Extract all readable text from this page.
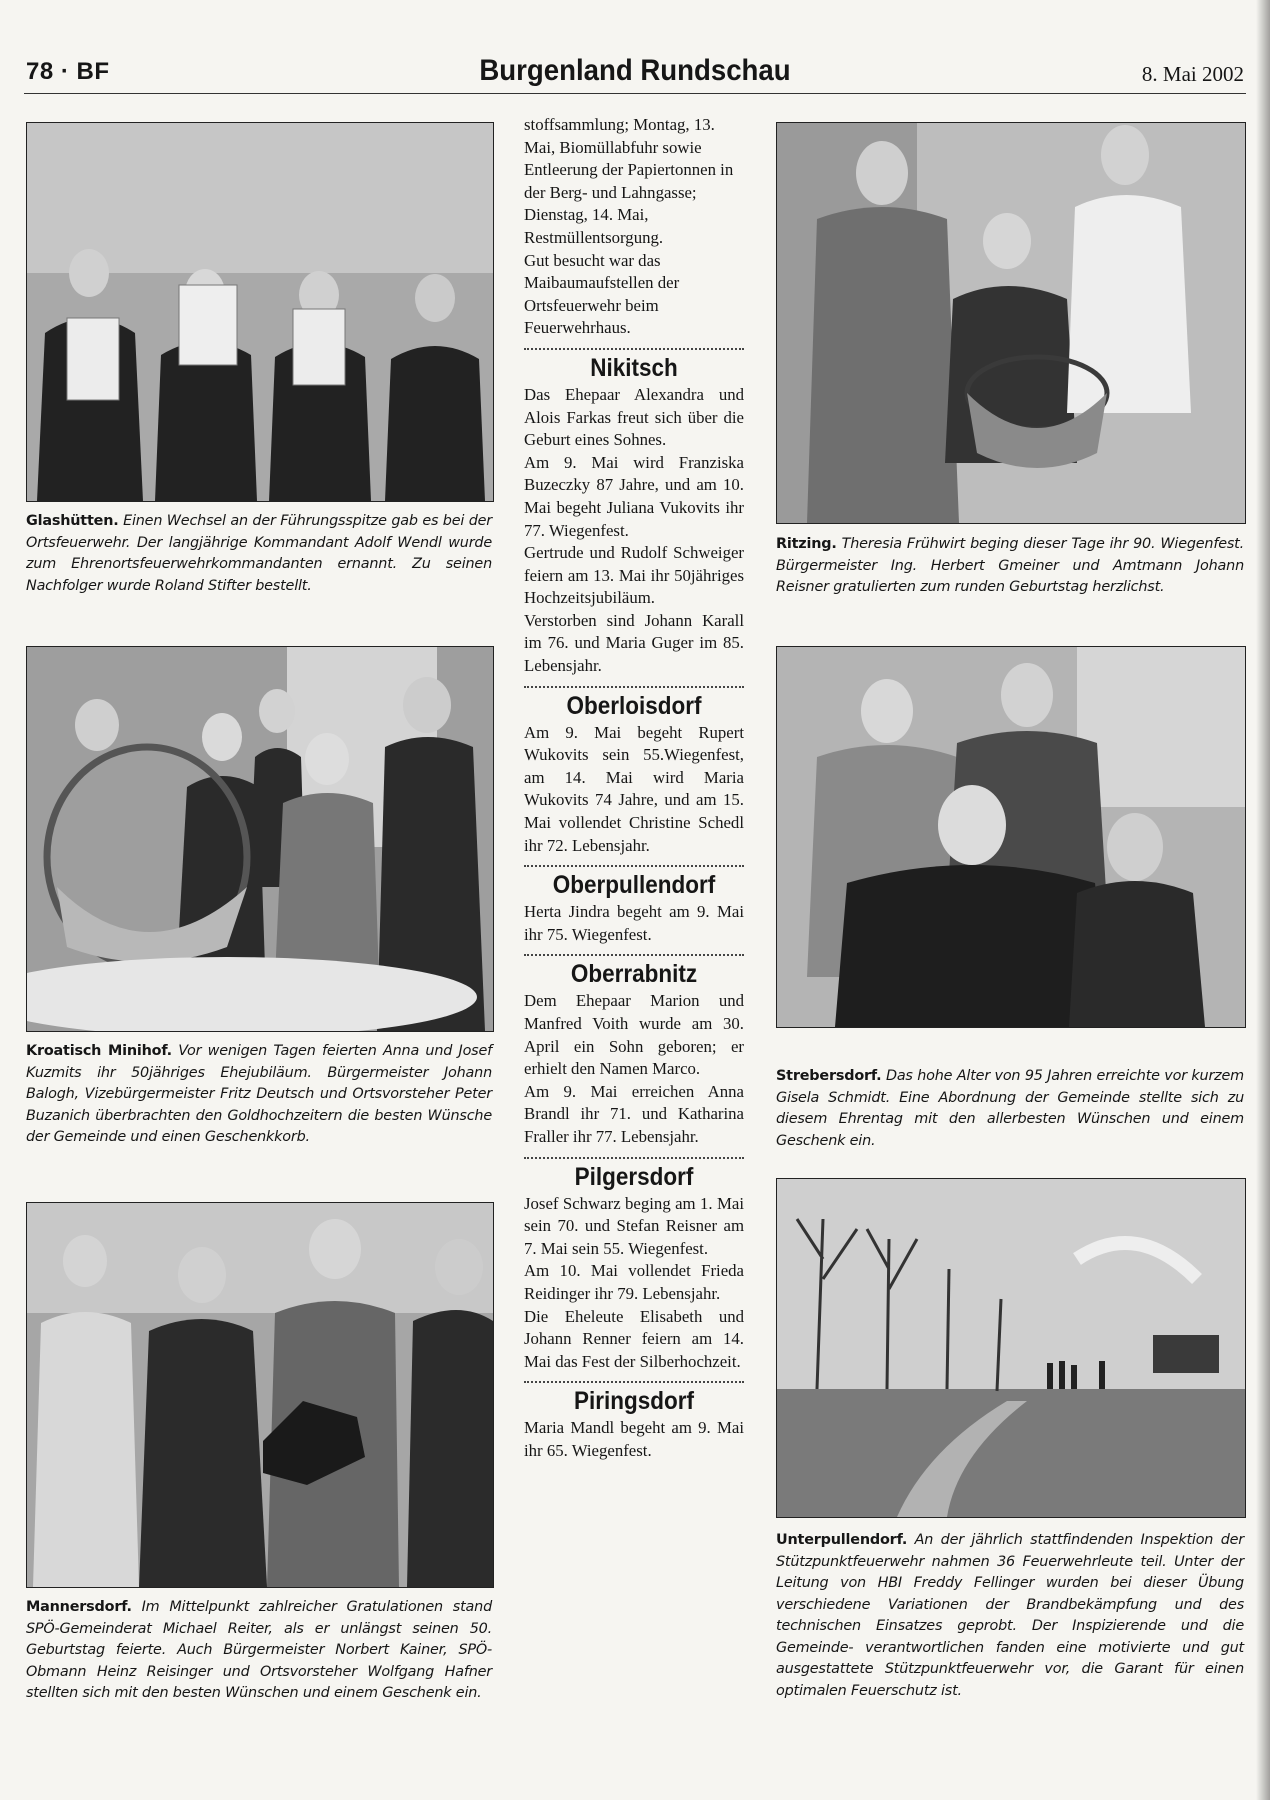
78 · BF	Burgenland Rundschau	8. Mai 2002

Glashütten. Einen Wechsel an der Führungsspitze gab es bei der Ortsfeuerwehr. Der langjährige Kommandant Adolf Wendl wurde zum Ehrenortsfeuerwehrkommandanten ernannt. Zu seinen Nachfolger wurde Roland Stifter bestellt.

Kroatisch Minihof. Vor wenigen Tagen feierten Anna und Josef Kuzmits ihr 50jähriges Ehejubiläum. Bürgermeister Johann Balogh, Vizebürgermeister Fritz Deutsch und Ortsvorsteher Peter Buzanich überbrachten den Goldhochzeitern die besten Wünsche der Gemeinde und einen Geschenkkorb.

Mannersdorf. Im Mittelpunkt zahlreicher Gratulationen stand SPÖ-Gemeinderat Michael Reiter, als er unlängst seinen 50. Geburtstag feierte. Auch Bürgermeister Norbert Kainer, SPÖ-Obmann Heinz Reisinger und Ortsvorsteher Wolfgang Hafner stellten sich mit den besten Wünschen und einem Geschenk ein.

stoffsammlung; Montag, 13. Mai, Biomüllabfuhr sowie Entleerung der Papiertonnen in der Berg- und Lahngasse; Dienstag, 14. Mai, Restmüllentsorgung.

Gut besucht war das Maibaumaufstellen der Ortsfeuerwehr beim Feuerwehrhaus.

Nikitsch

Das Ehepaar Alexandra und Alois Farkas freut sich über die Geburt eines Sohnes.

Am 9. Mai wird Franziska Buzeczky 87 Jahre, und am 10. Mai begeht Juliana Vukovits ihr 77. Wiegenfest.

Gertrude und Rudolf Schweiger feiern am 13. Mai ihr 50jähriges Hochzeitsjubiläum.

Verstorben sind Johann Karall im 76. und Maria Guger im 85. Lebensjahr.

Oberloisdorf

Am 9. Mai begeht Rupert Wukovits sein 55.Wiegenfest, am 14. Mai wird Maria Wukovits 74 Jahre, und am 15. Mai vollendet Christine Schedl ihr 72. Lebensjahr.

Oberpullendorf

Herta Jindra begeht am 9. Mai ihr 75. Wiegenfest.

Oberrabnitz

Dem Ehepaar Marion und Manfred Voith wurde am 30. April ein Sohn geboren; er erhielt den Namen Marco.

Am 9. Mai erreichen Anna Brandl ihr 71. und Katharina Fraller ihr 77. Lebensjahr.

Pilgersdorf

Josef Schwarz beging am 1. Mai sein 70. und Stefan Reisner am 7. Mai sein 55. Wiegenfest.

Am 10. Mai vollendet Frieda Reidinger ihr 79. Lebensjahr.

Die Eheleute Elisabeth und Johann Renner feiern am 14. Mai das Fest der Silberhochzeit.

Piringsdorf

Maria Mandl begeht am 9. Mai ihr 65. Wiegenfest.

Ritzing. Theresia Frühwirt beging dieser Tage ihr 90. Wiegenfest. Bürgermeister Ing. Herbert Gmeiner und Amtmann Johann Reisner gratulierten zum runden Geburtstag herzlichst.

Strebersdorf. Das hohe Alter von 95 Jahren erreichte vor kurzem Gisela Schmidt. Eine Abordnung der Gemeinde stellte sich zu diesem Ehrentag mit den allerbesten Wünschen und einem Geschenk ein.

Unterpullendorf. An der jährlich stattfindenden Inspektion der Stützpunktfeuerwehr nahmen 36 Feuerwehrleute teil. Unter der Leitung von HBI Freddy Fellinger wurden bei dieser Übung verschiedene Variationen der Brandbekämpfung und des technischen Einsatzes geprobt. Der Inspizierende und die Gemeinde- verantwortlichen fanden eine motivierte und gut ausgestattete Stützpunktfeuerwehr vor, die Garant für einen optimalen Feuerschutz ist.
